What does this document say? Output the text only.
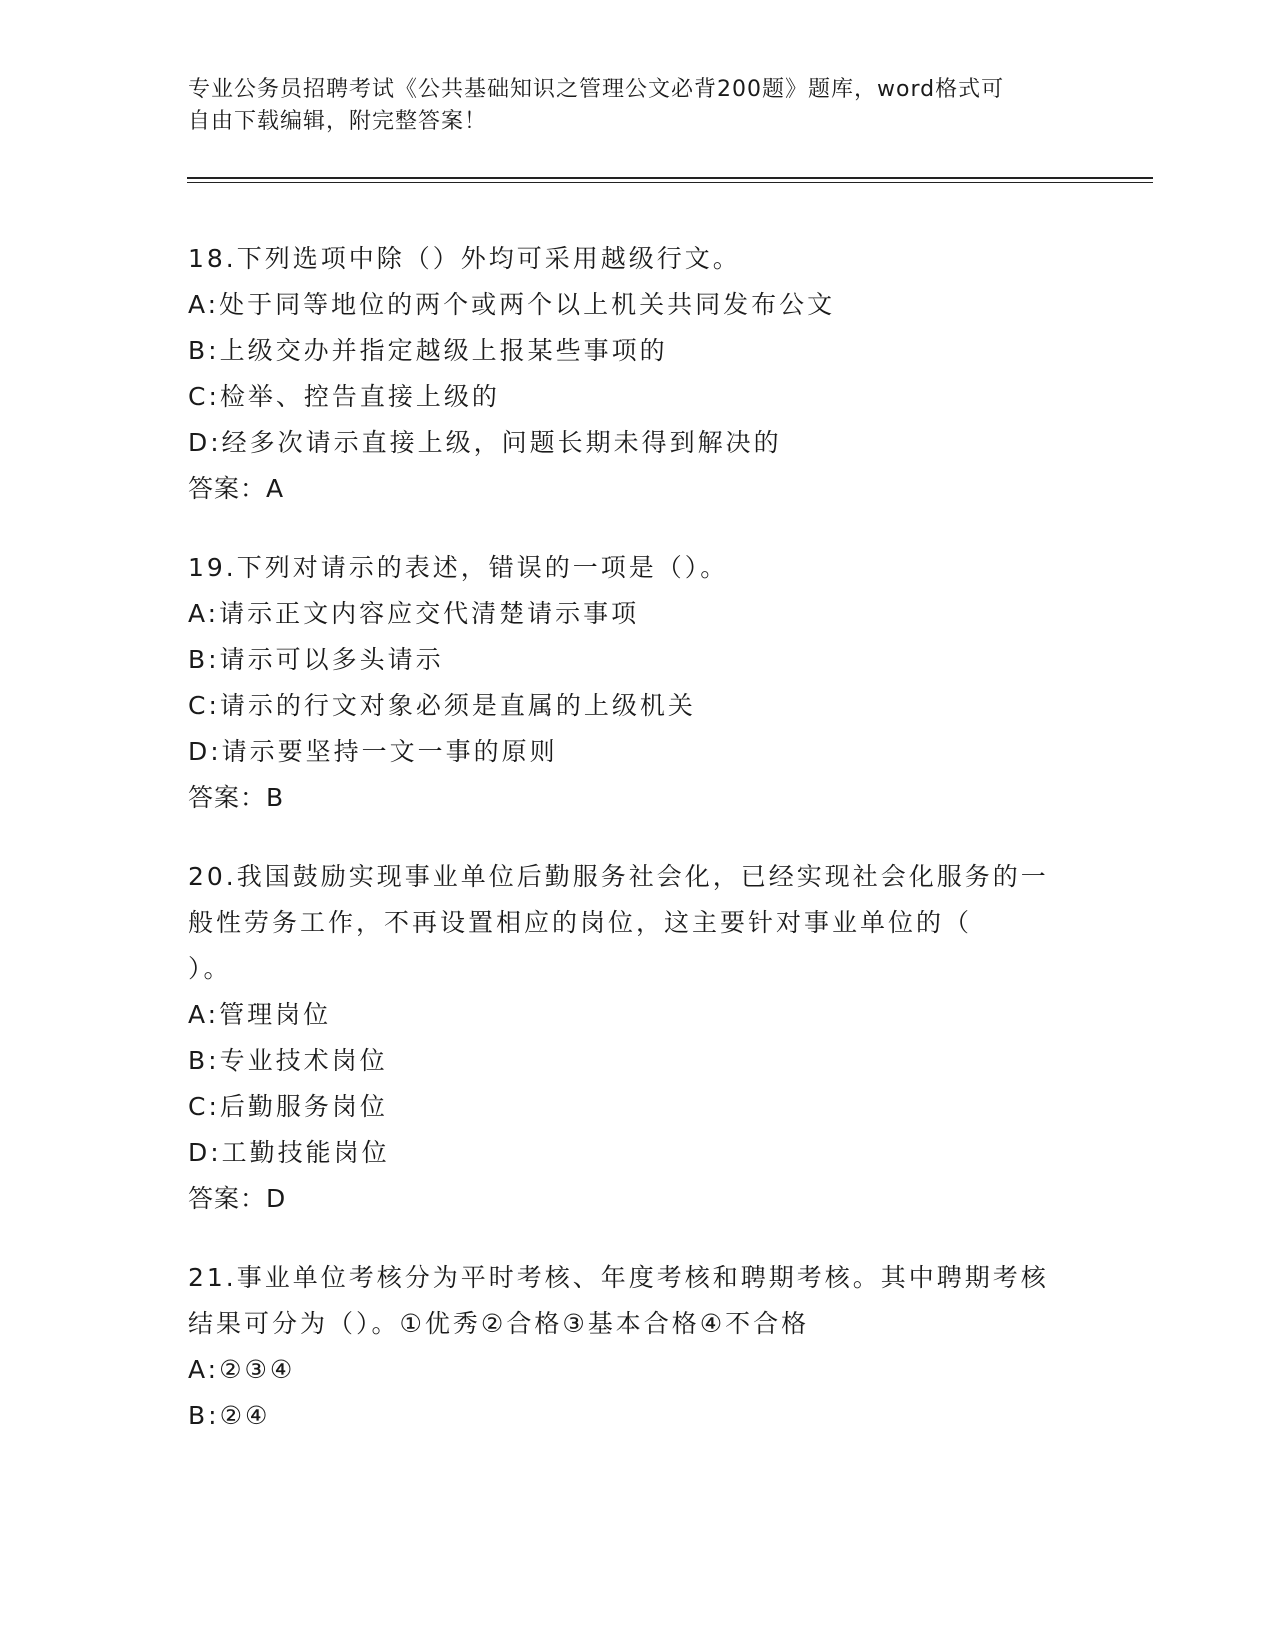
专业公务员招聘考试《公共基础知识之管理公文必背200题》题库，word格式可
自由下载编辑，附完整答案！
18.下列选项中除（）外均可采用越级行文。
A:处于同等地位的两个或两个以上机关共同发布公文
B:上级交办并指定越级上报某些事项的
C:检举、控告直接上级的
D:经多次请示直接上级，问题长期未得到解决的
答案：A
19.下列对请示的表述，错误的一项是（）。
A:请示正文内容应交代清楚请示事项
B:请示可以多头请示
C:请示的行文对象必须是直属的上级机关
D:请示要坚持一文一事的原则
答案：B
20.我国鼓励实现事业单位后勤服务社会化，已经实现社会化服务的一
般性劳务工作，不再设置相应的岗位，这主要针对事业单位的（
）。
A:管理岗位
B:专业技术岗位
C:后勤服务岗位
D:工勤技能岗位
答案：D
21.事业单位考核分为平时考核、年度考核和聘期考核。其中聘期考核
结果可分为（）。①优秀②合格③基本合格④不合格
A:②③④
B:②④
